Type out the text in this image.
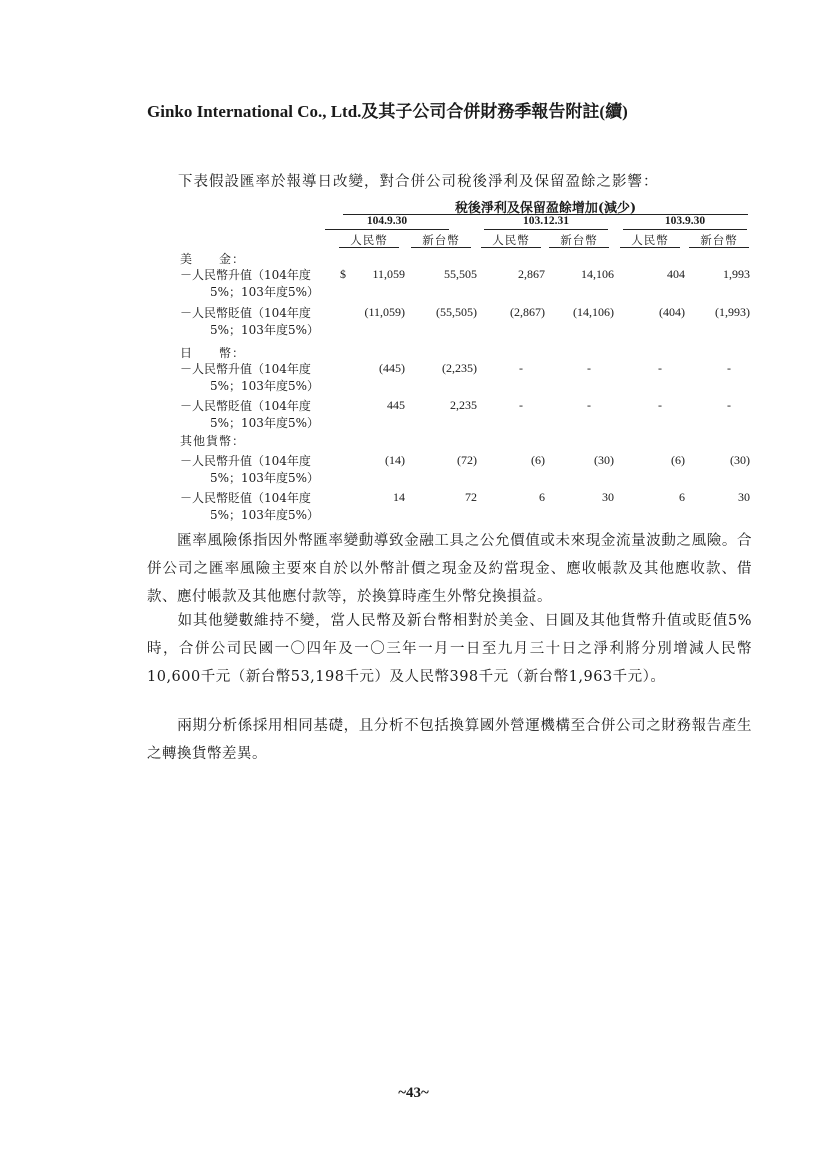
Ginko International Co., Ltd.及其子公司合併財務季報告附註(續)
下表假設匯率於報導日改變，對合併公司稅後淨利及保留盈餘之影響：
稅後淨利及保留盈餘增加(減少)
104.9.30	103.12.31	103.9.30
人民幣	新台幣	人民幣	新台幣	人民幣	新台幣
美　　金：
－人民幣升值（104年度
5%；103年度5%）
$	11,059	55,505	2,867	14,106	404	1,993
－人民幣貶值（104年度
5%；103年度5%）
(11,059)	(55,505)	(2,867)	(14,106)	(404)	(1,993)
日　　幣：
－人民幣升值（104年度
5%；103年度5%）
(445)	(2,235)	-	-	-	-
－人民幣貶值（104年度
5%；103年度5%）
445	2,235	-	-	-	-
其他貨幣：
－人民幣升值（104年度
5%；103年度5%）
(14)	(72)	(6)	(30)	(6)	(30)
－人民幣貶值（104年度
5%；103年度5%）
14	72	6	30	6	30
　　匯率風險係指因外幣匯率變動導致金融工具之公允價值或未來現金流量波動之風險。合併公司之匯率風險主要來自於以外幣計價之現金及約當現金、應收帳款及其他應收款、借款、應付帳款及其他應付款等，於換算時產生外幣兌換損益。
　　如其他變數維持不變，當人民幣及新台幣相對於美金、日圓及其他貨幣升值或貶值5%時，合併公司民國一〇四年及一〇三年一月一日至九月三十日之淨利將分別增減人民幣10,600千元（新台幣53,198千元）及人民幣398千元（新台幣1,963千元）。
　　兩期分析係採用相同基礎，且分析不包括換算國外營運機構至合併公司之財務報告產生之轉換貨幣差異。
~43~
